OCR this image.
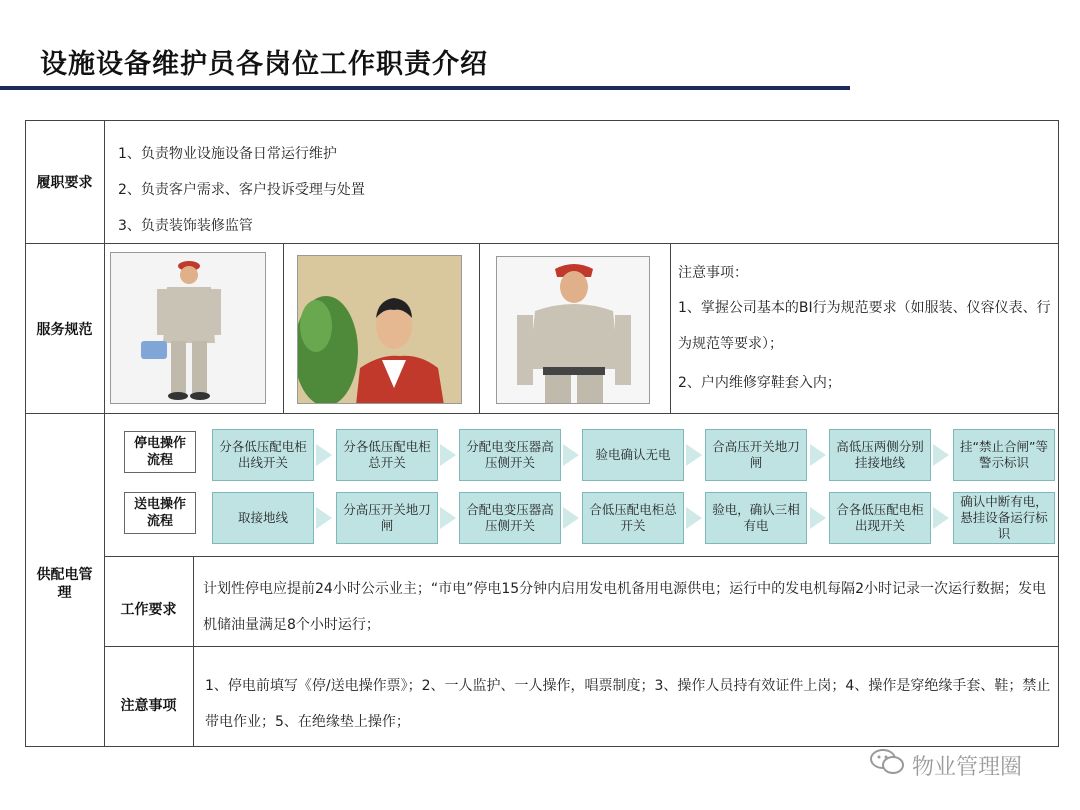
设施设备维护员各岗位工作职责介绍
履职要求
1、负责物业设施设备日常运行维护
2、负责客户需求、客户投诉受理与处置
3、负责装饰装修监管
服务规范
注意事项：
1、掌握公司基本的BI行为规范要求（如服装、仪容仪表、行为规范等要求）；
2、户内维修穿鞋套入内；
供配电管理
停电操作流程
送电操作流程
分各低压配电柜出线开关
分各低压配电柜总开关
分配电变压器高压侧开关
验电确认无电
合高压开关地刀闸
高低压两侧分别挂接地线
挂“禁止合闸”等警示标识
取接地线
分高压开关地刀闸
合配电变压器高压侧开关
合低压配电柜总开关
验电，确认三相有电
合各低压配电柜出现开关
确认中断有电，悬挂设备运行标识
工作要求
计划性停电应提前24小时公示业主；“市电”停电15分钟内启用发电机备用电源供电；运行中的发电机每隔2小时记录一次运行数据；发电机储油量满足8个小时运行；
注意事项
1、停电前填写《停/送电操作票》；2、一人监护、一人操作，唱票制度；3、操作人员持有效证件上岗；4、操作是穿绝缘手套、鞋；禁止带电作业；5、在绝缘垫上操作；
物业管理圈
